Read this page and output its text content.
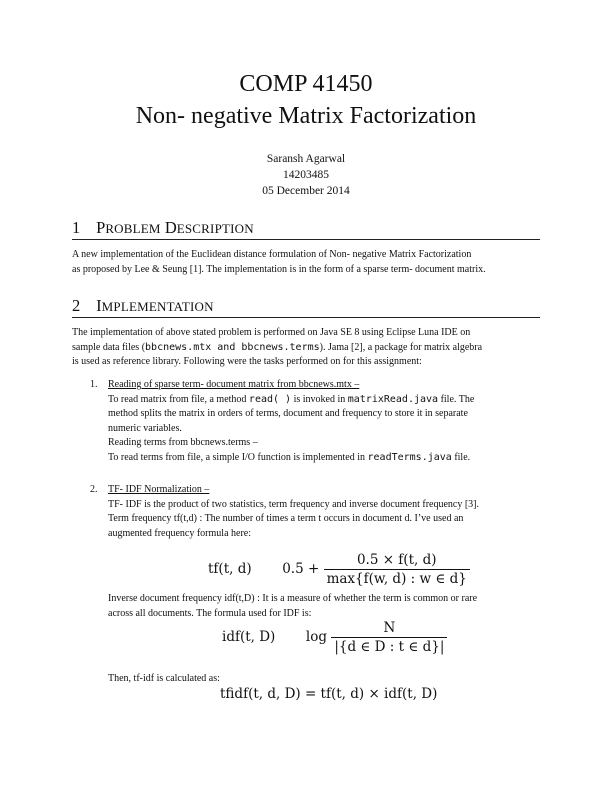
COMP 41450
Non- negative Matrix Factorization
Saransh Agarwal
14203485
05 December 2014
1 PROBLEM DESCRIPTION
A new implementation of the Euclidean distance formulation of Non- negative Matrix Factorization
as proposed by Lee & Seung [1]. The implementation is in the form of a sparse term- document matrix.
2 IMPLEMENTATION
The implementation of above stated problem is performed on Java SE 8 using Eclipse Luna IDE on
sample data files (bbcnews.mtx and bbcnews.terms). Jama [2], a package for matrix algebra
is used as reference library. Following were the tasks performed on for this assignment:
1. Reading of sparse term- document matrix from bbcnews.mtx –
To read matrix from file, a method read( ) is invoked in matrixRead.java file. The
method splits the matrix in orders of terms, document and frequency to store it in separate
numeric variables.
Reading terms from bbcnews.terms –
To read terms from file, a simple I/O function is implemented in readTerms.java file.
2. TF- IDF Normalization –
TF- IDF is the product of two statistics, term frequency and inverse document frequency [3].
Term frequency tf(t,d) : The number of times a term t occurs in document d. I’ve used an
augmented frequency formula here:
tf(t, d) $0.5 + \frac{0.5 \times f(t, d)}{\max\{f(w, d) : w \in d\}}$
Inverse document frequency idf(t,D) : It is a measure of whether the term is common or rare
across all documents. The formula used for IDF is:
idf(t, D) $\log \frac{N}{|\{d \in D : t \in d\}|}$
Then, tf-idf is calculated as:
tfidf(t, d, D) = tf(t, d) × idf(t, D)
